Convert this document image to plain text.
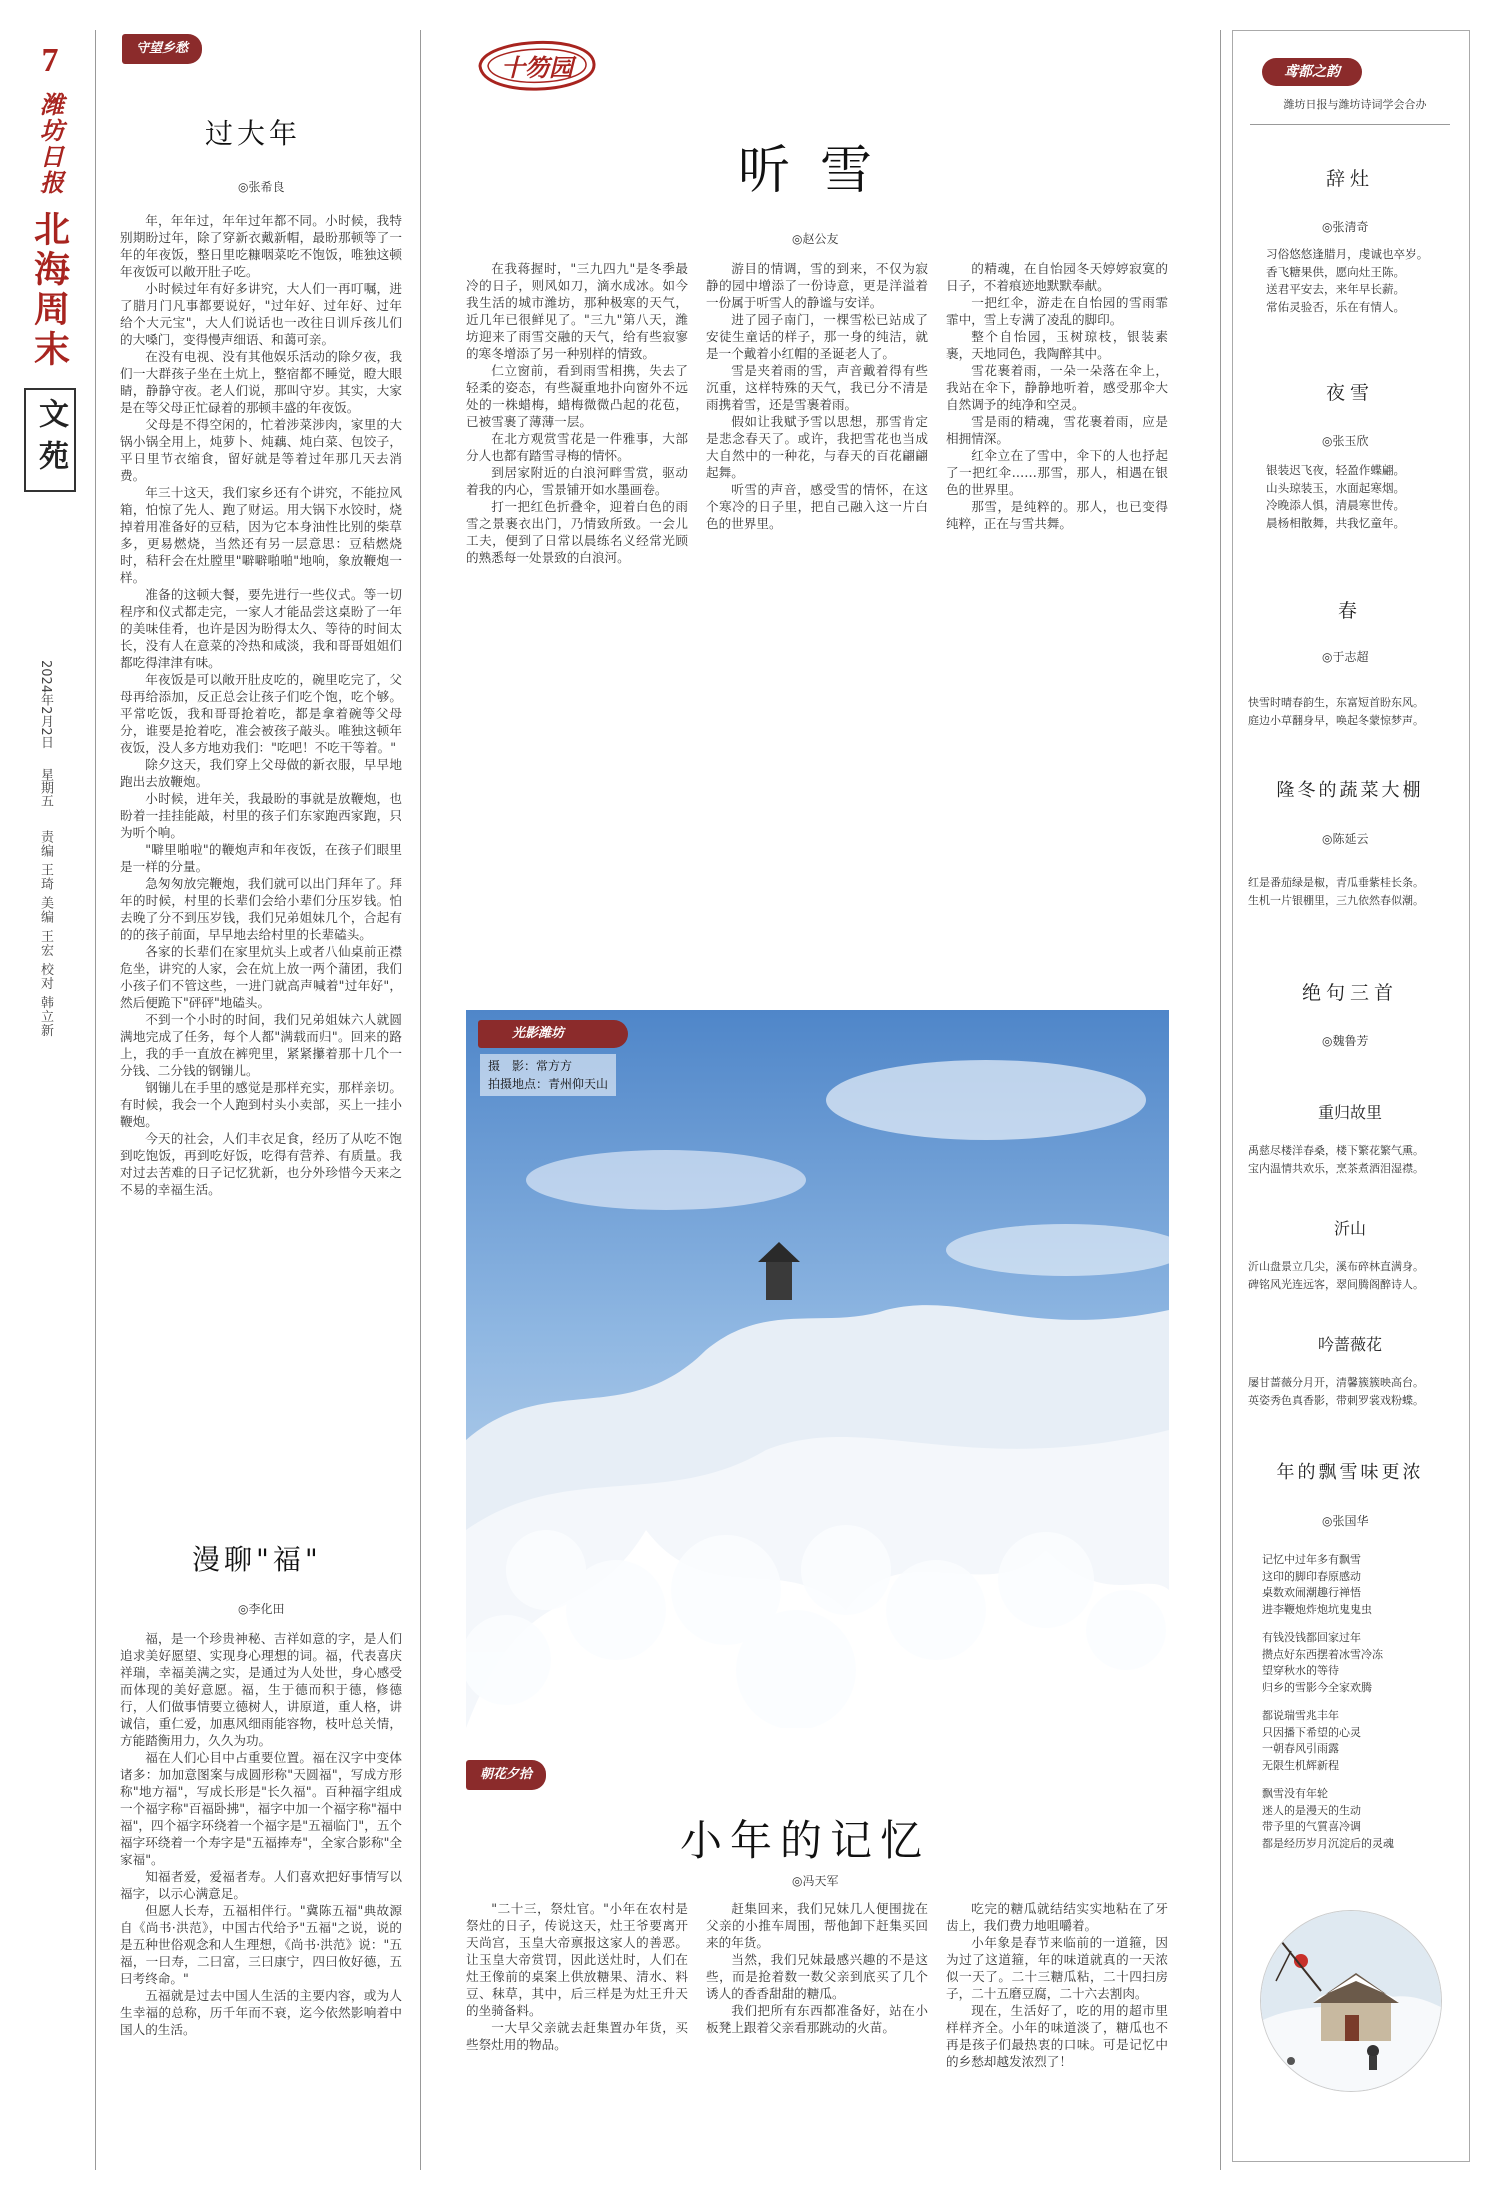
7
潍坊日报
北海周末
文苑
2024年2月2日
星期五
责编 王琦 美编 王宏 校对 韩立新
守望乡愁
过大年
◎张希良

年，年年过，年年过年都不同。小时候，我特别期盼过年，除了穿新衣戴新帽，最盼那顿等了一年的年夜饭，整日里吃糠咽菜吃不饱饭，唯独这顿年夜饭可以敞开肚子吃。

小时候过年有好多讲究，大人们一再叮嘱，进了腊月门凡事都要说好，"过年好、过年好、过年给个大元宝"，大人们说话也一改往日训斥孩儿们的大嗓门，变得慢声细语、和蔼可亲。

在没有电视、没有其他娱乐活动的除夕夜，我们一大群孩子坐在土炕上，整宿都不睡觉，瞪大眼睛，静静守夜。老人们说，那叫守岁。其实，大家是在等父母正忙碌着的那顿丰盛的年夜饭。

父母是不得空闲的，忙着涉菜涉肉，家里的大锅小锅全用上，炖萝卜、炖藕、炖白菜、包饺子，平日里节衣缩食，留好就是等着过年那几天去消费。

年三十这天，我们家乡还有个讲究，不能拉风箱，怕惊了先人、跑了财运。用大锅下水饺时，烧掉着用准备好的豆秸，因为它本身油性比别的柴草多，更易燃烧，当然还有另一层意思：豆秸燃烧时，秸秆会在灶膛里"噼噼啪啪"地响，象放鞭炮一样。

准备的这顿大餐，要先进行一些仪式。等一切程序和仪式都走完，一家人才能品尝这桌盼了一年的美味佳肴，也许是因为盼得太久、等待的时间太长，没有人在意菜的冷热和咸淡，我和哥哥姐姐们都吃得津津有味。

年夜饭是可以敞开肚皮吃的，碗里吃完了，父母再给添加，反正总会让孩子们吃个饱，吃个够。平常吃饭，我和哥哥抢着吃，都是拿着碗等父母分，谁要是抢着吃，准会被孩子敲头。唯独这顿年夜饭，没人多方地劝我们："吃吧！不吃干等着。"

除夕这天，我们穿上父母做的新衣服，早早地跑出去放鞭炮。

小时候，进年关，我最盼的事就是放鞭炮，也盼着一挂挂能敲，村里的孩子们东家跑西家跑，只为听个响。

"噼里啪啦"的鞭炮声和年夜饭，在孩子们眼里是一样的分量。

急匆匆放完鞭炮，我们就可以出门拜年了。拜年的时候，村里的长辈们会给小辈们分压岁钱。怕去晚了分不到压岁钱，我们兄弟姐妹几个，合起有的的孩子前面，早早地去给村里的长辈磕头。

各家的长辈们在家里炕头上或者八仙桌前正襟危坐，讲究的人家，会在炕上放一两个蒲团，我们小孩子们不管这些，一进门就高声喊着"过年好"，然后便跪下"砰砰"地磕头。

不到一个小时的时间，我们兄弟姐妹六人就圆满地完成了任务，每个人都"满载而归"。回来的路上，我的手一直放在裤兜里，紧紧攥着那十几个一分钱、二分钱的钢镚儿。

钢镚儿在手里的感觉是那样充实，那样亲切。有时候，我会一个人跑到村头小卖部，买上一挂小鞭炮。

今天的社会，人们丰衣足食，经历了从吃不饱到吃饱饭，再到吃好饭，吃得有营养、有质量。我对过去苦难的日子记忆犹新，也分外珍惜今天来之不易的幸福生活。

漫聊"福"
◎李化田

福，是一个珍贵神秘、吉祥如意的字，是人们追求美好愿望、实现身心理想的词。福，代表喜庆祥瑞，幸福美满之实，是通过为人处世，身心感受而体现的美好意愿。福，生于德而积于德，修德行，人们做事情要立德树人，讲原道，重人格，讲诚信，重仁爱，加惠风细雨能容物，枝叶总关情，方能踏衡用力，久久为功。

福在人们心目中占重要位置。福在汉字中变体诸多：加加意图案与成圆形称"天圆福"，写成方形称"地方福"，写成长形是"长久福"。百种福字组成一个福字称"百福卧拂"，福字中加一个福字称"福中福"，四个福字环绕着一个福字是"五福临门"，五个福字环绕着一个寿字是"五福捧寿"，全家合影称"全家福"。

知福者爱，爱福者寿。人们喜欢把好事情写以福字，以示心满意足。

但愿人长寿，五福相伴行。"冀陈五福"典故源自《尚书·洪范》，中国古代给予"五福"之说，说的是五种世俗观念和人生理想，《尚书·洪范》说："五福，一曰寿，二曰富，三曰康宁，四曰攸好德，五曰考终命。"

五福就是过去中国人生活的主要内容，或为人生幸福的总称，历千年而不衰，迄今依然影响着中国人的生活。

十笏园
听雪
◎赵公友

在我蒋握时，"三九四九"是冬季最冷的日子，则风如刀，滴水成冰。如今我生活的城市潍坊，那种极寒的天气，近几年已很鲜见了。"三九"第八天，潍坊迎来了雨雪交融的天气，给有些寂寥的寒冬增添了另一种别样的情致。

仁立窗前，看到雨雪相携，失去了轻柔的姿态，有些凝重地扑向窗外不远处的一株蜡梅，蜡梅微微凸起的花苞，已被雪裹了薄薄一层。

在北方观赏雪花是一件雅事，大部分人也都有踏雪寻梅的情怀。

到居家附近的白浪河畔雪赏，驱动着我的内心，雪景铺开如水墨画卷。

打一把红色折叠伞，迎着白色的雨雪之景裹衣出门，乃情致所致。一会儿工夫，便到了日常以晨练名义经常光顾的熟悉每一处景致的白浪河。

游目的情调，雪的到来，不仅为寂静的园中增添了一份诗意，更是洋溢着一份属于听雪人的静谧与安详。

进了园子南门，一棵雪松已站成了安徒生童话的样子，那一身的纯洁，就是一个戴着小红帽的圣诞老人了。

雪是夹着雨的雪，声音戴着得有些沉重，这样特殊的天气，我已分不清是雨携着雪，还是雪裹着雨。

假如让我赋予雪以思想，那雪肯定是悲念春天了。或许，我把雪花也当成大自然中的一种花，与春天的百花翩翩起舞。

听雪的声音，感受雪的情怀，在这个寒冷的日子里，把自己融入这一片白色的世界里。

的精魂，在自怡园冬天婷婷寂寞的日子，不着痕迹地默默奉献。

一把红伞，游走在自怡园的雪雨霏霏中，雪上专满了凌乱的脚印。

整个自怡园，玉树琼枝，银装素裹，天地同色，我陶醉其中。

雪花裹着雨，一朵一朵落在伞上，我站在伞下，静静地听着，感受那伞大自然调予的纯净和空灵。

雪是雨的精魂，雪花裹着雨，应是相拥情深。

红伞立在了雪中，伞下的人也抒起了一把红伞……那雪，那人，相遇在银色的世界里。

那雪，是纯粹的。那人，也已变得纯粹，正在与雪共舞。

光影潍坊
摄　影：常方方
拍摄地点：青州仰天山
朝花夕拾
小年的记忆
◎冯天军

"二十三，祭灶官。"小年在农村是祭灶的日子，传说这天，灶王爷要离开天尚宫，玉皇大帝禀报这家人的善恶。让玉皇大帝赏罚，因此送灶时，人们在灶王像前的桌案上供放糖果、清水、料豆、秣草，其中，后三样是为灶王升天的坐骑备料。

一大早父亲就去赶集置办年货，买些祭灶用的物品。

赶集回来，我们兄妹几人便围拢在父亲的小推车周围，帮他卸下赶集买回来的年货。

当然，我们兄妹最感兴趣的不是这些，而是抢着数一数父亲到底买了几个诱人的香香甜甜的糖瓜。

我们把所有东西都准备好，站在小板凳上跟着父亲看那跳动的火苗。

吃完的糖瓜就结结实实地粘在了牙齿上，我们费力地咀嚼着。

小年象是春节来临前的一道箍，因为过了这道箍，年的味道就真的一天浓似一天了。二十三糖瓜粘，二十四扫房子，二十五磨豆腐，二十六去割肉。

现在，生活好了，吃的用的超市里样样齐全。小年的味道淡了，糖瓜也不再是孩子们最热衷的口味。可是记忆中的乡愁却越发浓烈了！

鸢都之韵
潍坊日报与潍坊诗词学会合办
辞灶
◎张清奇
习俗悠悠逢腊月，虔诚也卒岁。
香飞糖果供，愿向灶王陈。
送君平安去，来年早长薪。
常佑灵验否，乐在有情人。
夜雪
◎张玉欣
银装迟飞夜，轻盈作蝶翩。
山头琼装玉，水面起寒烟。
冷晚添人惧，清晨寒世传。
晨杨相散舞，共我忆童年。
春
◎于志超
快雪时晴春韵生，东富短首盼东风。
庭边小草翻身早，唤起冬蒙惊梦声。
隆冬的蔬菜大棚
◎陈延云
红是番茄绿是椒，青瓜垂紫桂长条。
生机一片银棚里，三九依然春似潮。
绝句三首
◎魏鲁芳
重归故里
禹慈尽楼洋春桑，楼下繁花繁气熏。
宝内温情共欢乐，烹茶煮酒泪湿襟。
沂山
沂山盘景立几尖，溪布碎林直满身。
碑铭风光连远客，翠间腾阁醉诗人。
吟蔷薇花
屡甘蔷薇分月开，清馨簇簇映高台。
英姿秀色真香影，带刺罗裳戏粉蝶。
年的飘雪味更浓
◎张国华
记忆中过年多有飘雪
这印的脚印春原感动
桌数欢闹潮趣行禅悟
进李鞭炮炸炮坑鬼鬼虫
有钱没钱都回家过年
攒点好东西摆着冰雪冷冻
望穿秋水的等待
归乡的雪影今全家欢腾
都说瑞雪兆丰年
只因播下希望的心灵
一朝春风引雨露
无限生机辉新程
飘雪没有年轮
迷人的是漫天的生动
带予里的气質喜冷调
都是经历岁月沉淀后的灵魂
